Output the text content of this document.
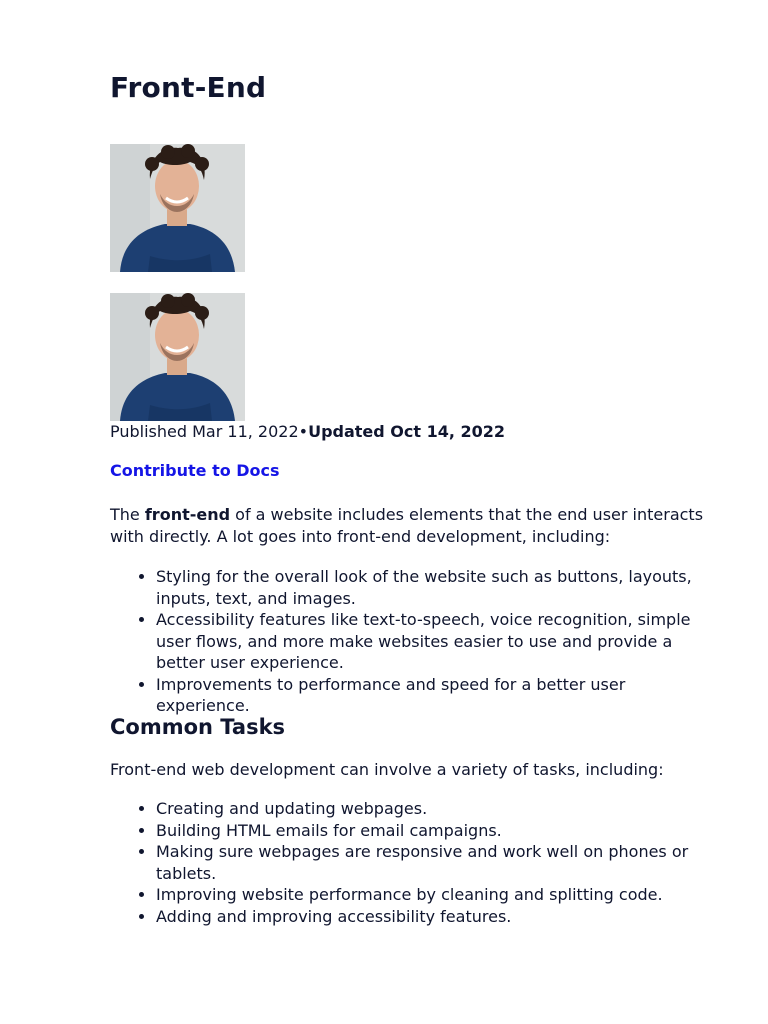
Front-End
Published Mar 11, 2022•Updated Oct 14, 2022
Contribute to Docs

The front-end of a website includes elements that the end user interacts with directly. A lot goes into front-end development, including:

• Styling for the overall look of the website such as buttons, layouts, inputs, text, and images.
• Accessibility features like text-to-speech, voice recognition, simple user flows, and more make websites easier to use and provide a better user experience.
• Improvements to performance and speed for a better user experience.
Common Tasks

Front-end web development can involve a variety of tasks, including:

• Creating and updating webpages.
• Building HTML emails for email campaigns.
• Making sure webpages are responsive and work well on phones or tablets.
• Improving website performance by cleaning and splitting code.
• Adding and improving accessibility features.
